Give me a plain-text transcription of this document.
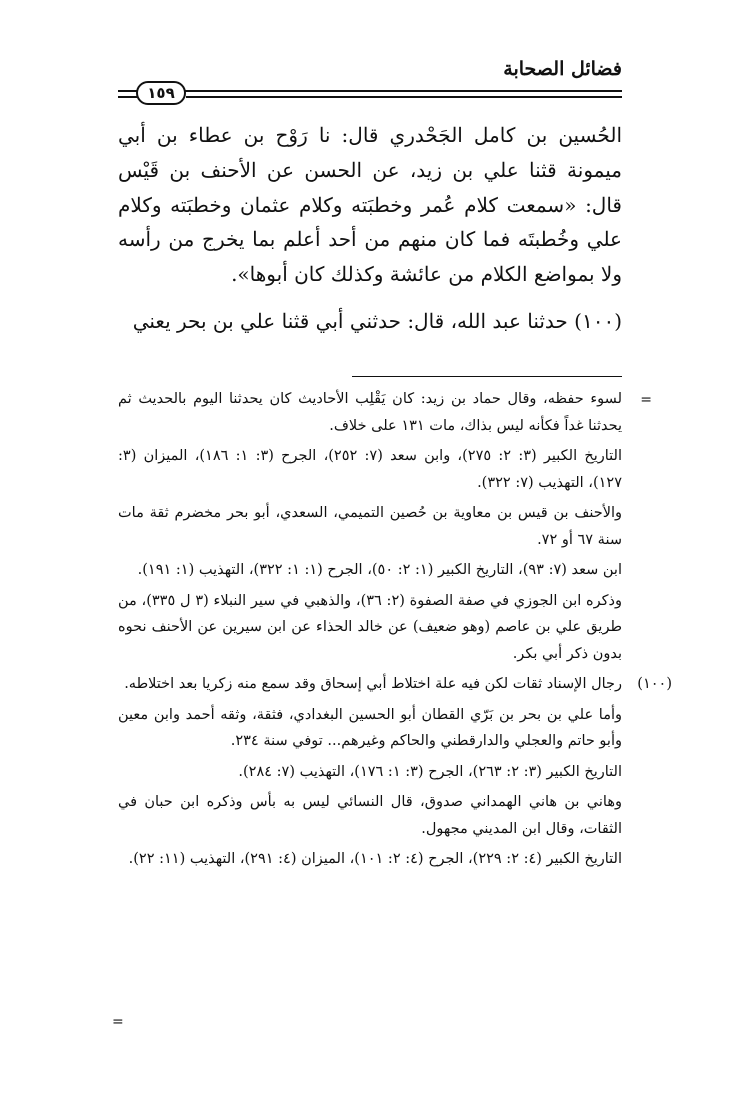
فضائل الصحابة
١٥٩

الحُسين بن كامل الجَحْدري قال: نا رَوْح بن عطاء بن أبي ميمونة قثنا علي بن زيد، عن الحسن عن الأحنف بن قَيْس قال: «سمعت كلام عُمر وخطبَته وكلام عثمان وخطبَته وكلام علي وخُطبتَه فما كان منهم من أحد أعلم بما يخرج من رأسه ولا بمواضع الكلام من عائشة وكذلك كان أبوها».

(١٠٠) حدثنا عبد الله، قال: حدثني أبي قثنا علي بن بحر يعني

=

لسوء حفظه، وقال حماد بن زيد: كان يَقْلِب الأحاديث كان يحدثنا اليوم بالحديث ثم يحدثنا غداً فكأنه ليس بذاك، مات ١٣١ على خلاف.

التاريخ الكبير (٣: ٢: ٢٧٥)، وابن سعد (٧: ٢٥٢)، الجرح (٣: ١: ١٨٦)، الميزان (٣: ١٢٧)، التهذيب (٧: ٣٢٢).

والأحنف بن قيس بن معاوية بن حُصين التميمي، السعدي، أبو بحر مخضرم ثقة مات سنة ٦٧ أو ٧٢.

ابن سعد (٧: ٩٣)، التاريخ الكبير (١: ٢: ٥٠)، الجرح (١: ١: ٣٢٢)، التهذيب (١: ١٩١).

وذكره ابن الجوزي في صفة الصفوة (٢: ٣٦)، والذهبي في سير النبلاء (٣ ل ٣٣٥)، من طريق علي بن عاصم (وهو ضعيف) عن خالد الحذاء عن ابن سيرين عن الأحنف نحوه بدون ذكر أبي بكر.

(١٠٠)
رجال الإسناد ثقات لكن فيه علة اختلاط أبي إسحاق وقد سمع منه زكريا بعد اختلاطه.

وأما علي بن بحر بن بَرّي القطان أبو الحسين البغدادي، فثقة، وثقه أحمد وابن معين وأبو حاتم والعجلي والدارقطني والحاكم وغيرهم... توفي سنة ٢٣٤.

التاريخ الكبير (٣: ٢: ٢٦٣)، الجرح (٣: ١: ١٧٦)، التهذيب (٧: ٢٨٤).

وهاني بن هاني الهمداني صدوق، قال النسائي ليس به بأس وذكره ابن حبان في الثقات، وقال ابن المديني مجهول.

التاريخ الكبير (٤: ٢: ٢٢٩)، الجرح (٤: ٢: ١٠١)، الميزان (٤: ٢٩١)، التهذيب (١١: ٢٢).

=
